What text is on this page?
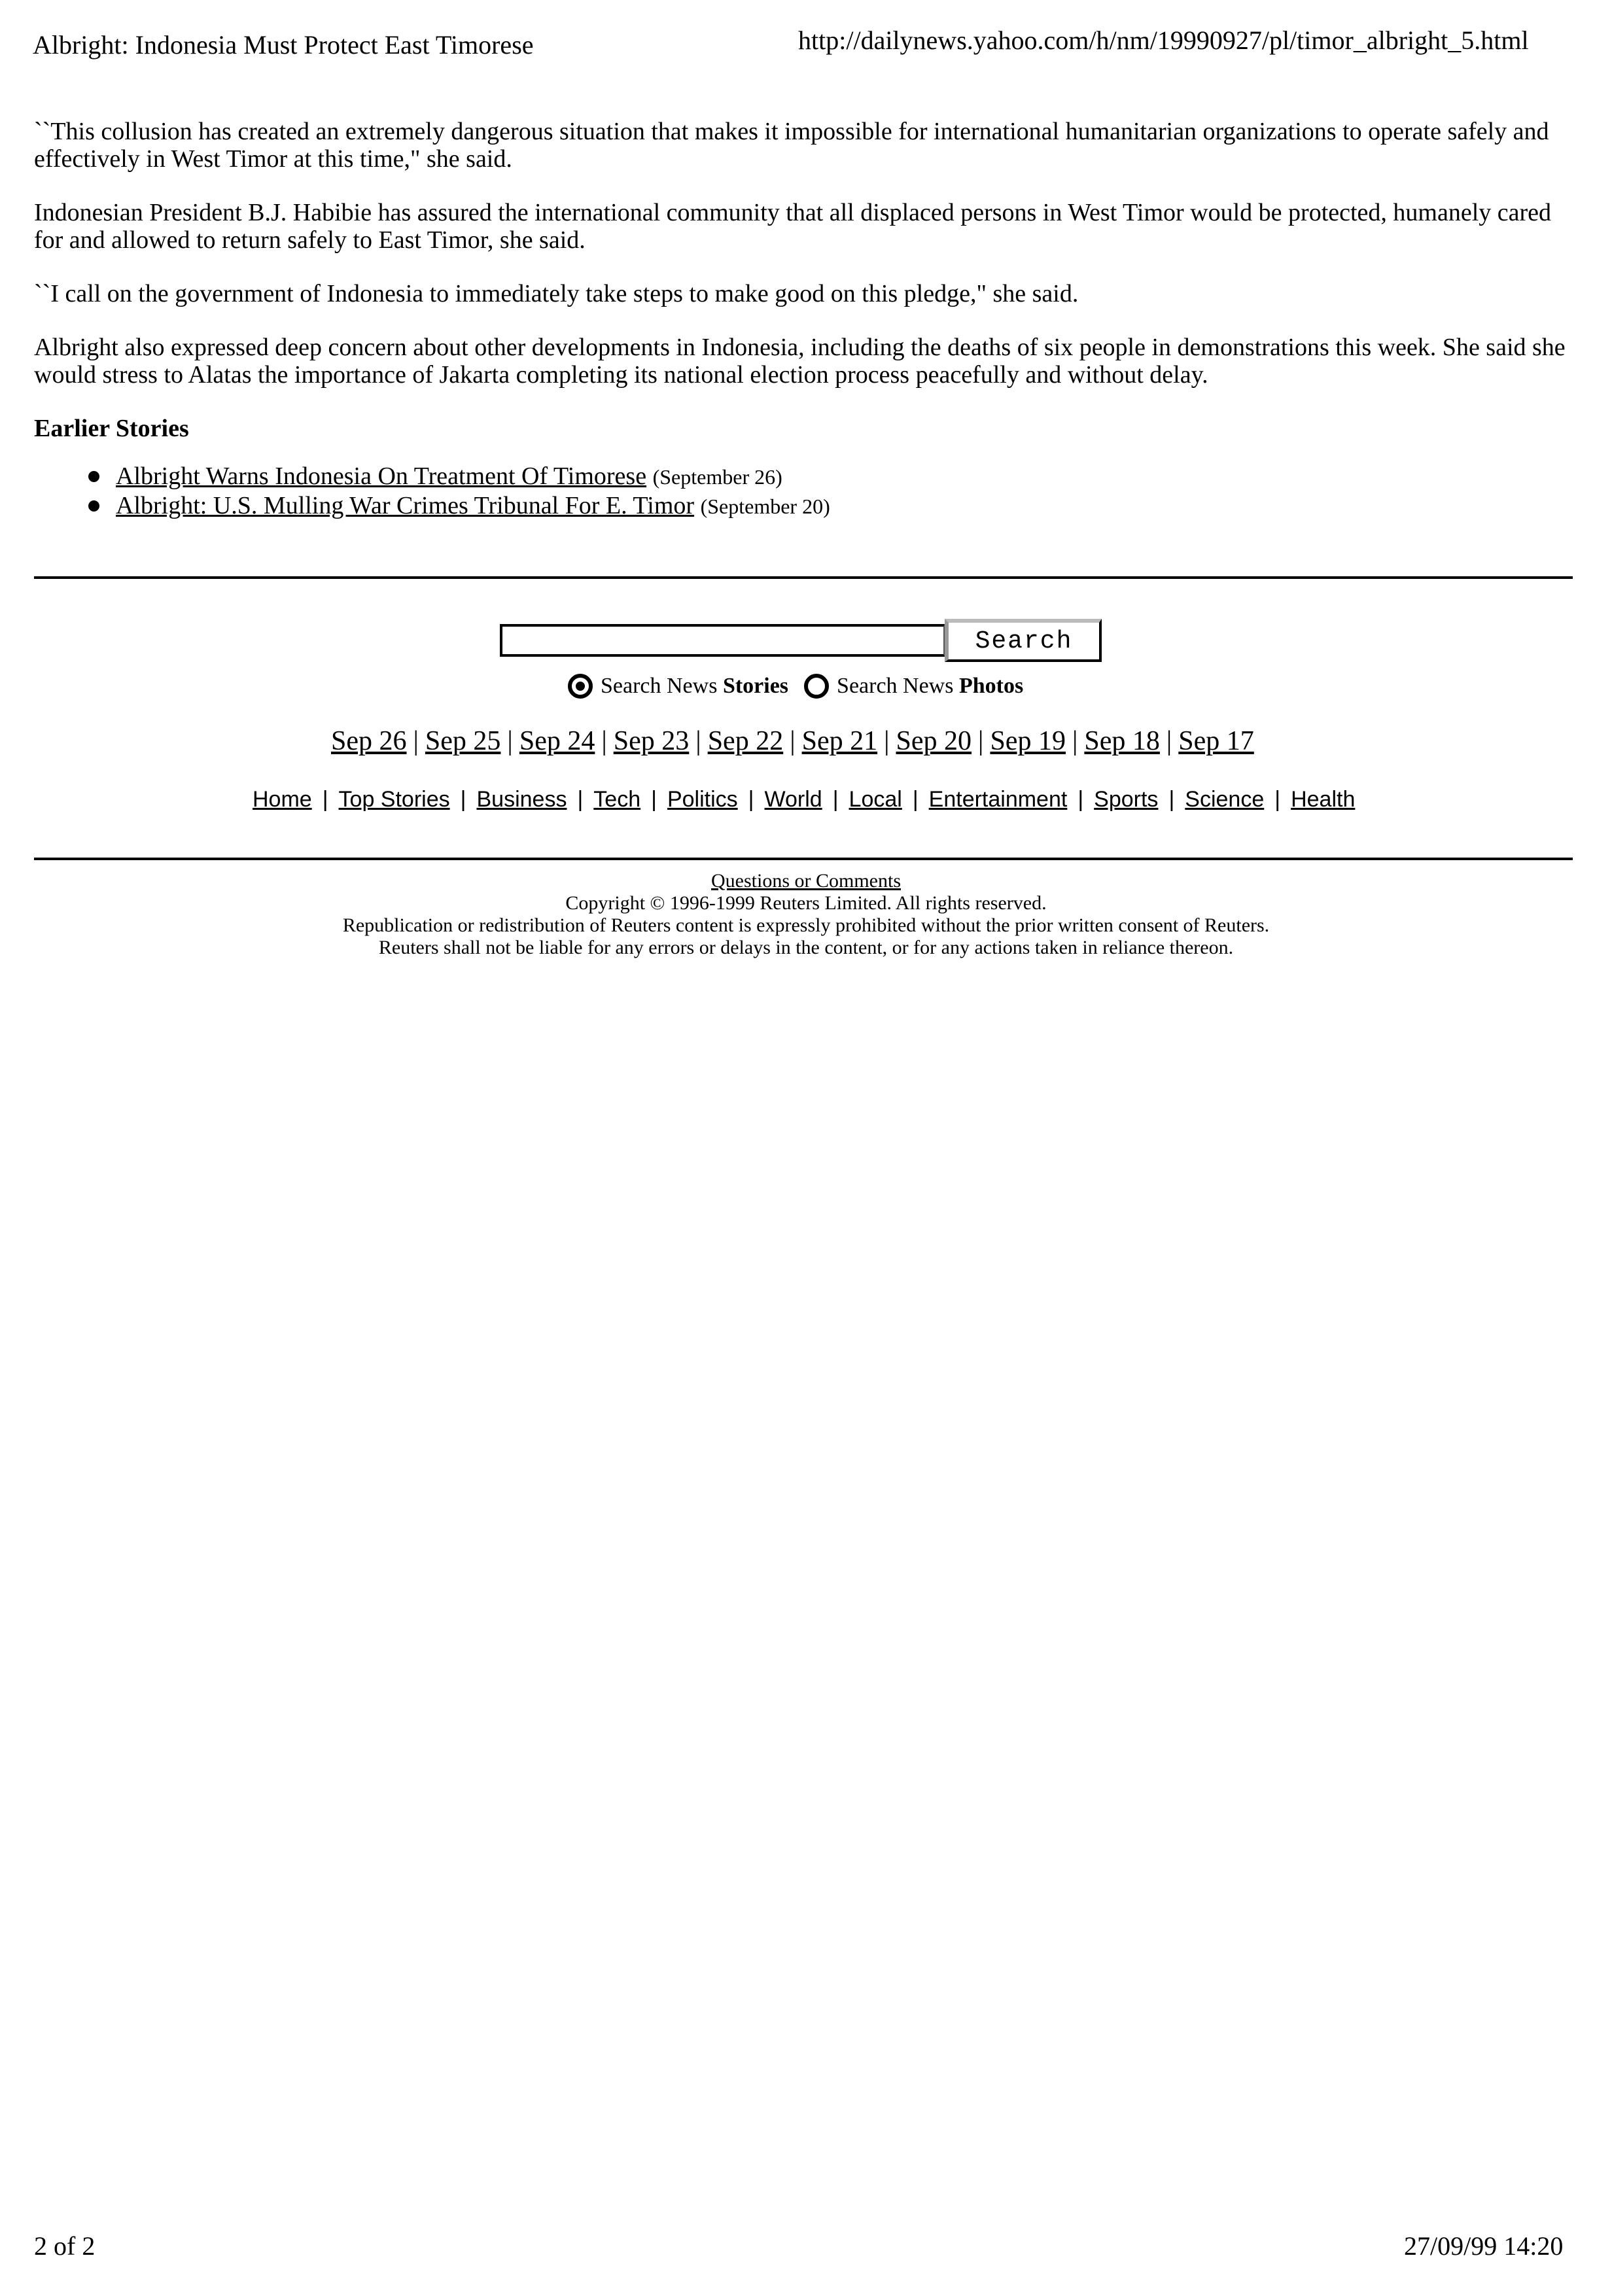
Albright: Indonesia Must Protect East Timorese	http://dailynews.yahoo.com/h/nm/19990927/pl/timor_albright_5.html

``This collusion has created an extremely dangerous situation that makes it impossible for international humanitarian organizations to operate safely and effectively in West Timor at this time," she said.

Indonesian President B.J. Habibie has assured the international community that all displaced persons in West Timor would be protected, humanely cared for and allowed to return safely to East Timor, she said.

``I call on the government of Indonesia to immediately take steps to make good on this pledge," she said.

Albright also expressed deep concern about other developments in Indonesia, including the deaths of six people in demonstrations this week. She said she would stress to Alatas the importance of Jakarta completing its national election process peacefully and without delay.

Earlier Stories
Albright Warns Indonesia On Treatment Of Timorese (September 26)
Albright: U.S. Mulling War Crimes Tribunal For E. Timor (September 20)
Search
Search News Stories Search News Photos
Sep 26 | Sep 25 | Sep 24 | Sep 23 | Sep 22 | Sep 21 | Sep 20 | Sep 19 | Sep 18 | Sep 17
Home | Top Stories | Business | Tech | Politics | World | Local | Entertainment | Sports | Science | Health
Questions or Comments
Copyright © 1996-1999 Reuters Limited. All rights reserved.
Republication or redistribution of Reuters content is expressly prohibited without the prior written consent of Reuters.
Reuters shall not be liable for any errors or delays in the content, or for any actions taken in reliance thereon.
2 of 2	27/09/99 14:20
